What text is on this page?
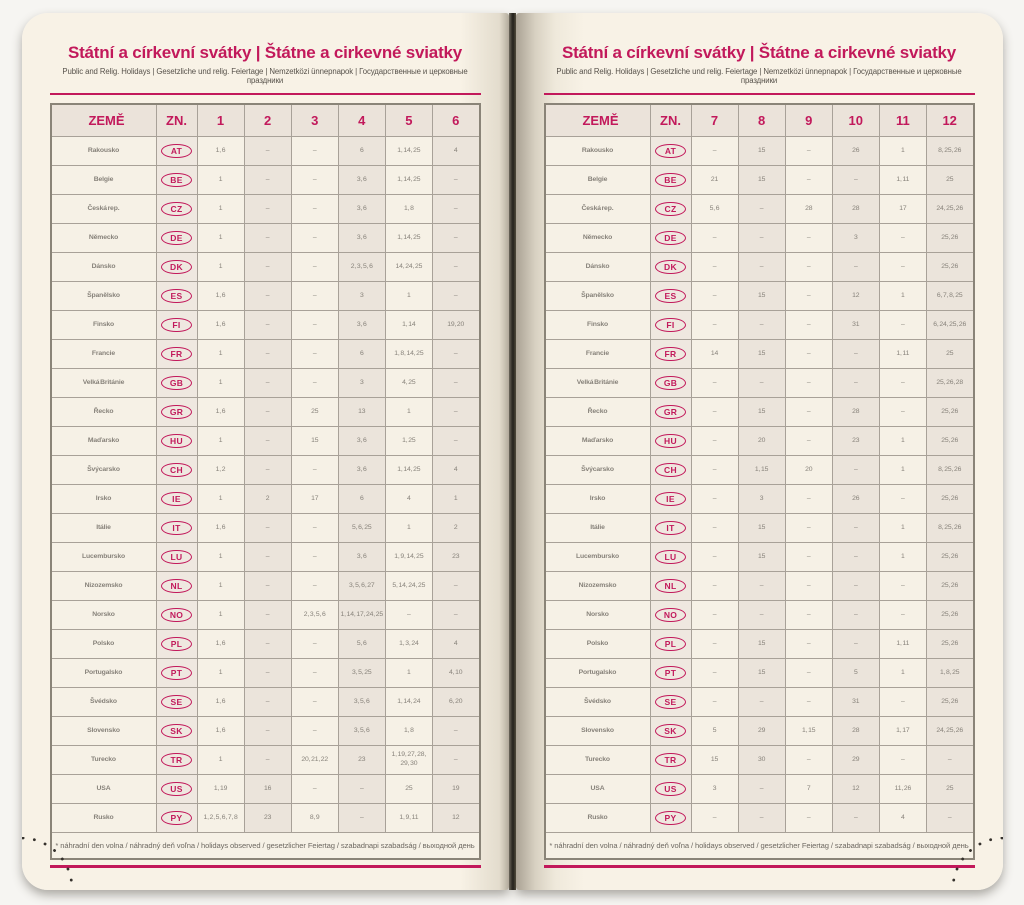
Státní a církevní svátky | Štátne a cirkevné sviatky

Public and Relig. Holidays | Gesetzliche und relig. Feiertage | Nemzetközi ünnepnapok | Государственные и церковные праздники

ZEMĚ	ZN.	1	2	3	4	5	6
Rakousko	AT	1, 6	–	–	6	1, 14, 25	4
Belgie	BE	1	–	–	3, 6	1, 14, 25	–
Česká rep.	CZ	1	–	–	3, 6	1, 8	–
Německo	DE	1	–	–	3, 6	1, 14, 25	–
Dánsko	DK	1	–	–	2, 3, 5, 6	14, 24, 25	–
Španělsko	ES	1, 6	–	–	3	1	–
Finsko	FI	1, 6	–	–	3, 6	1, 14	19, 20
Francie	FR	1	–	–	6	1, 8, 14, 25	–
Velká Británie	GB	1	–	–	3	4, 25	–
Řecko	GR	1, 6	–	25	13	1	–
Maďarsko	HU	1	–	15	3, 6	1, 25	–
Švýcarsko	CH	1, 2	–	–	3, 6	1, 14, 25	4
Irsko	IE	1	2	17	6	4	1
Itálie	IT	1, 6	–	–	5, 6, 25	1	2
Lucembursko	LU	1	–	–	3, 6	1, 9, 14, 25	23
Nizozemsko	NL	1	–	–	3, 5, 6, 27	5, 14, 24, 25	–
Norsko	NO	1	–	2, 3, 5, 6	1, 14, 17, 24, 25	–	–
Polsko	PL	1, 6	–	–	5, 6	1, 3, 24	4
Portugalsko	PT	1	–	–	3, 5, 25	1	4, 10
Švédsko	SE	1, 6	–	–	3, 5, 6	1, 14, 24	6, 20
Slovensko	SK	1, 6	–	–	3, 5, 6	1, 8	–
Turecko	TR	1	–	20, 21, 22	23	1, 19, 27, 28, 29, 30	–
USA	US	1, 19	16	–	–	25	19
Rusko	PY	1, 2, 5, 6, 7, 8	23	8, 9	–	1, 9, 11	12
* náhradní den volna / náhradný deň voľna / holidays observed / gesetzlicher Feiertag / szabadnapi szabadság / выходной день							
Státní a církevní svátky | Štátne a cirkevné sviatky

Public and Relig. Holidays | Gesetzliche und relig. Feiertage | Nemzetközi ünnepnapok | Государственные и церковные праздники

ZEMĚ	ZN.	7	8	9	10	11	12
Rakousko	AT	–	15	–	26	1	8, 25, 26
Belgie	BE	21	15	–	–	1, 11	25
Česká rep.	CZ	5, 6	–	28	28	17	24, 25, 26
Německo	DE	–	–	–	3	–	25, 26
Dánsko	DK	–	–	–	–	–	25, 26
Španělsko	ES	–	15	–	12	1	6, 7, 8, 25
Finsko	FI	–	–	–	31	–	6, 24, 25, 26
Francie	FR	14	15	–	–	1, 11	25
Velká Británie	GB	–	–	–	–	–	25, 26, 28
Řecko	GR	–	15	–	28	–	25, 26
Maďarsko	HU	–	20	–	23	1	25, 26
Švýcarsko	CH	–	1, 15	20	–	1	8, 25, 26
Irsko	IE	–	3	–	26	–	25, 26
Itálie	IT	–	15	–	–	1	8, 25, 26
Lucembursko	LU	–	15	–	–	1	25, 26
Nizozemsko	NL	–	–	–	–	–	25, 26
Norsko	NO	–	–	–	–	–	25, 26
Polsko	PL	–	15	–	–	1, 11	25, 26
Portugalsko	PT	–	15	–	5	1	1, 8, 25
Švédsko	SE	–	–	–	31	–	25, 26
Slovensko	SK	5	29	1, 15	28	1, 17	24, 25, 26
Turecko	TR	15	30	–	29	–	–
USA	US	3	–	7	12	11, 26	25
Rusko	PY	–	–	–	–	4	–
* náhradní den volna / náhradný deň voľna / holidays observed / gesetzlicher Feiertag / szabadnapi szabadság / выходной день							
